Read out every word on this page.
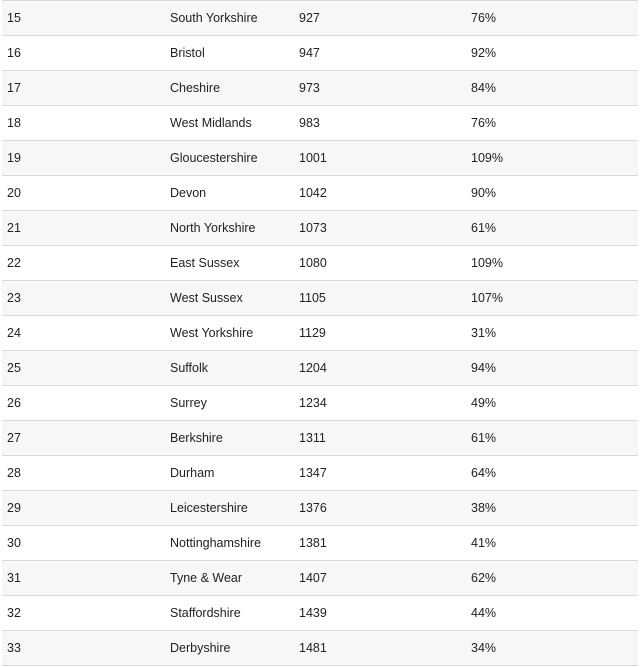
15	South Yorkshire	927	76%
16	Bristol	947	92%
17	Cheshire	973	84%
18	West Midlands	983	76%
19	Gloucestershire	1001	109%
20	Devon	1042	90%
21	North Yorkshire	1073	61%
22	East Sussex	1080	109%
23	West Sussex	1105	107%
24	West Yorkshire	1129	31%
25	Suffolk	1204	94%
26	Surrey	1234	49%
27	Berkshire	1311	61%
28	Durham	1347	64%
29	Leicestershire	1376	38%
30	Nottinghamshire	1381	41%
31	Tyne & Wear	1407	62%
32	Staffordshire	1439	44%
33	Derbyshire	1481	34%
